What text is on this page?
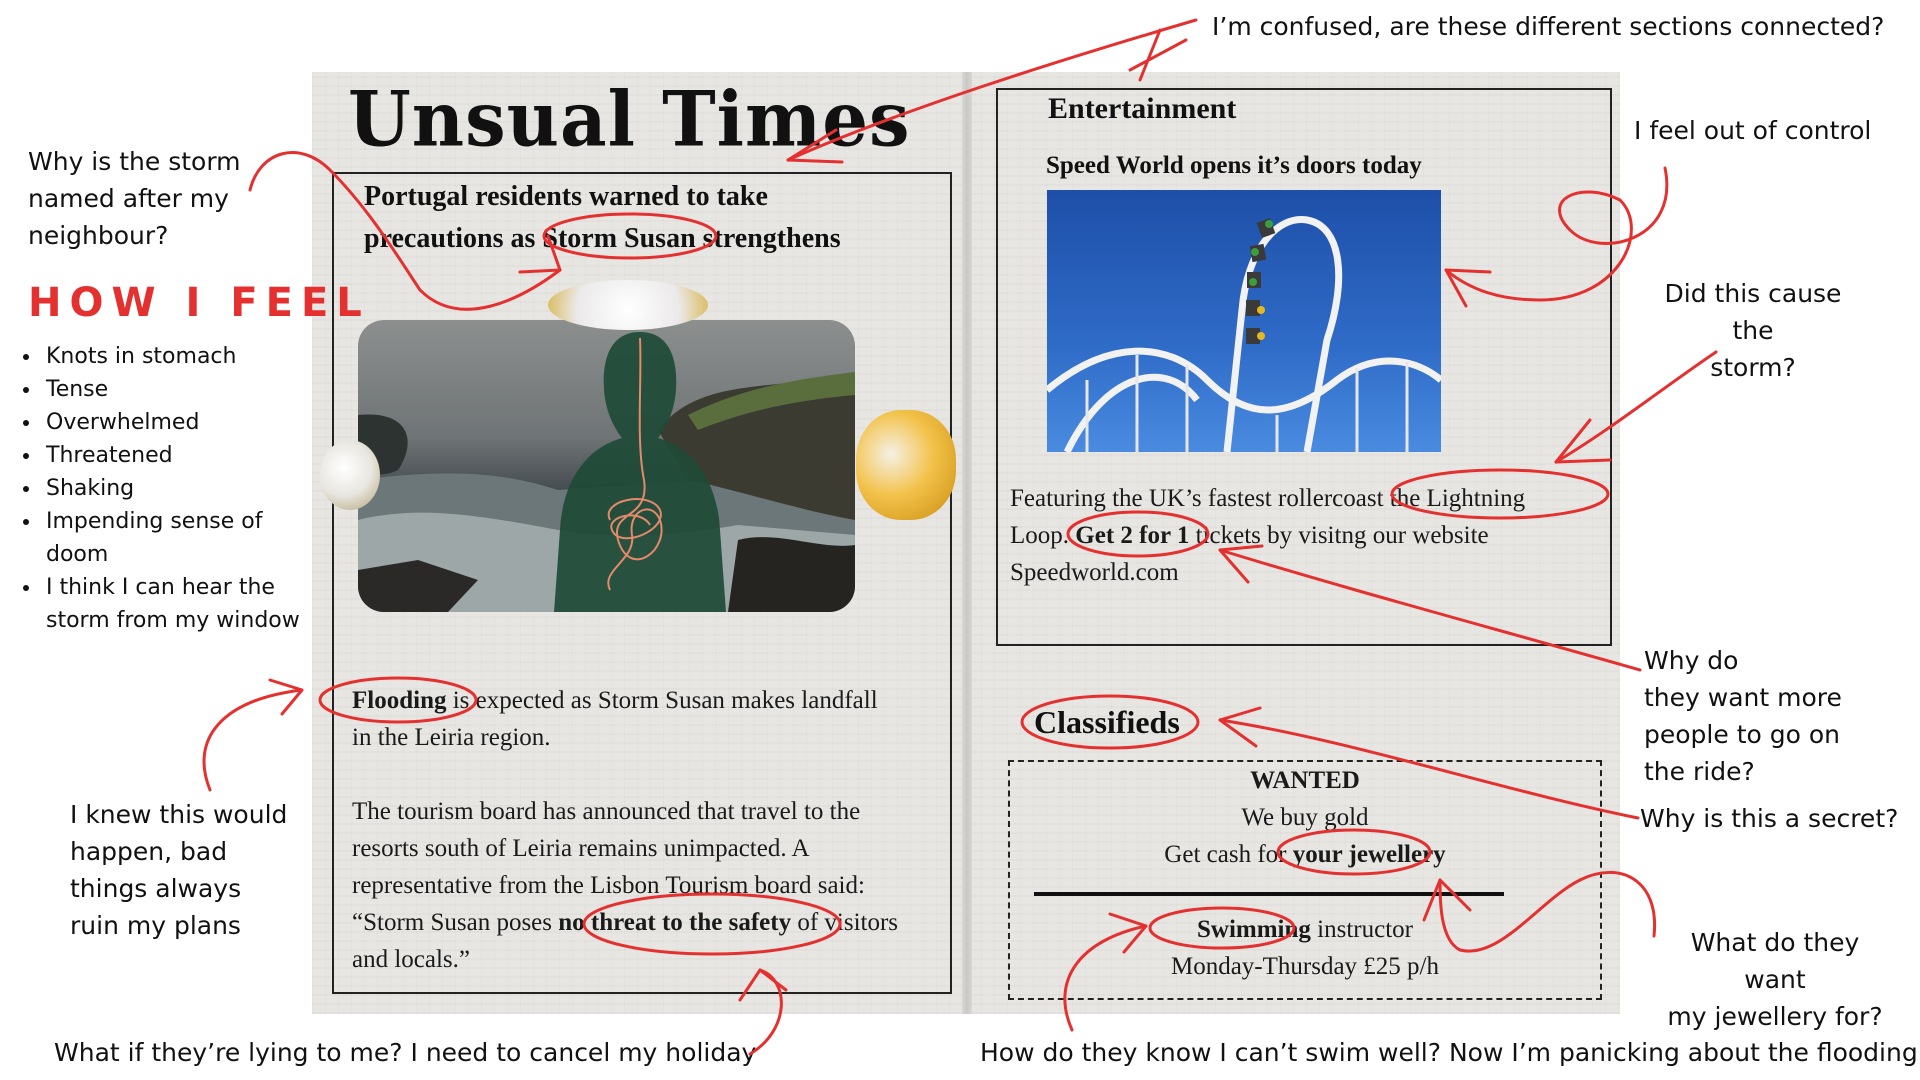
Unsual Times
Portugal residents warned to take
precautions as Storm Susan strengthens
Flooding is expected as Storm Susan makes landfall
in the Leiria region.
The tourism board has announced that travel to the
resorts south of Leiria remains unimpacted. A
representative from the Lisbon Tourism board said:
“Storm Susan poses no threat to the safety of visitors
and locals.”
Entertainment
Speed World opens it’s doors today
Featuring the UK’s fastest rollercoast the Lightning
Loop. Get 2 for 1 tickets by visitng our website
Speedworld.com
Classifieds
WANTED
We buy gold
Get cash for your jewellery
Swimming instructor
Monday-Thursday £25 p/h
HOW I FEEL
• Knots in stomach
• Tense
• Overwhelmed
• Threatened
• Shaking
• Impending sense of doom
• I think I can hear the storm from my window
I’m confused, are these different sections connected?
Why is the storm
named after my
neighbour?
I feel out of control
Did this cause the
storm?
I knew this would
happen, bad
things always
ruin my plans
Why do
they want more
people to go on
the ride?
Why is this a secret?
What do they want
my jewellery for?
What if they’re lying to me? I need to cancel my holiday	How do they know I can’t swim well? Now I’m panicking about the flooding
